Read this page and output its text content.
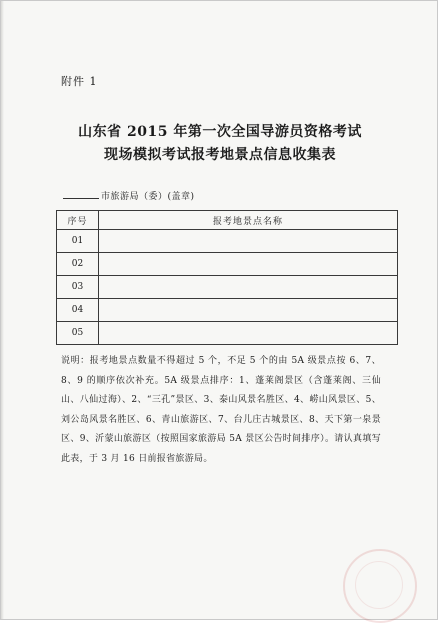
附件 1
山东省 2015 年第一次全国导游员资格考试
现场模拟考试报考地景点信息收集表
市旅游局（委）(盖章)
序号	报考地景点名称
01	
02	
03	
04	
05	
说明：报考地景点数量不得超过 5 个，不足 5 个的由 5A 级景点按 6、7、8、9 的顺序依次补充。5A 级景点排序：1、蓬莱阁景区（含蓬莱阁、三仙山、八仙过海）、2、“三孔”景区、3、泰山风景名胜区、4、崂山风景区、5、刘公岛风景名胜区、6、青山旅游区、7、台儿庄古城景区、8、天下第一泉景区、9、沂蒙山旅游区（按照国家旅游局 5A 景区公告时间排序）。请认真填写此表，于 3 月 16 日前报省旅游局。
